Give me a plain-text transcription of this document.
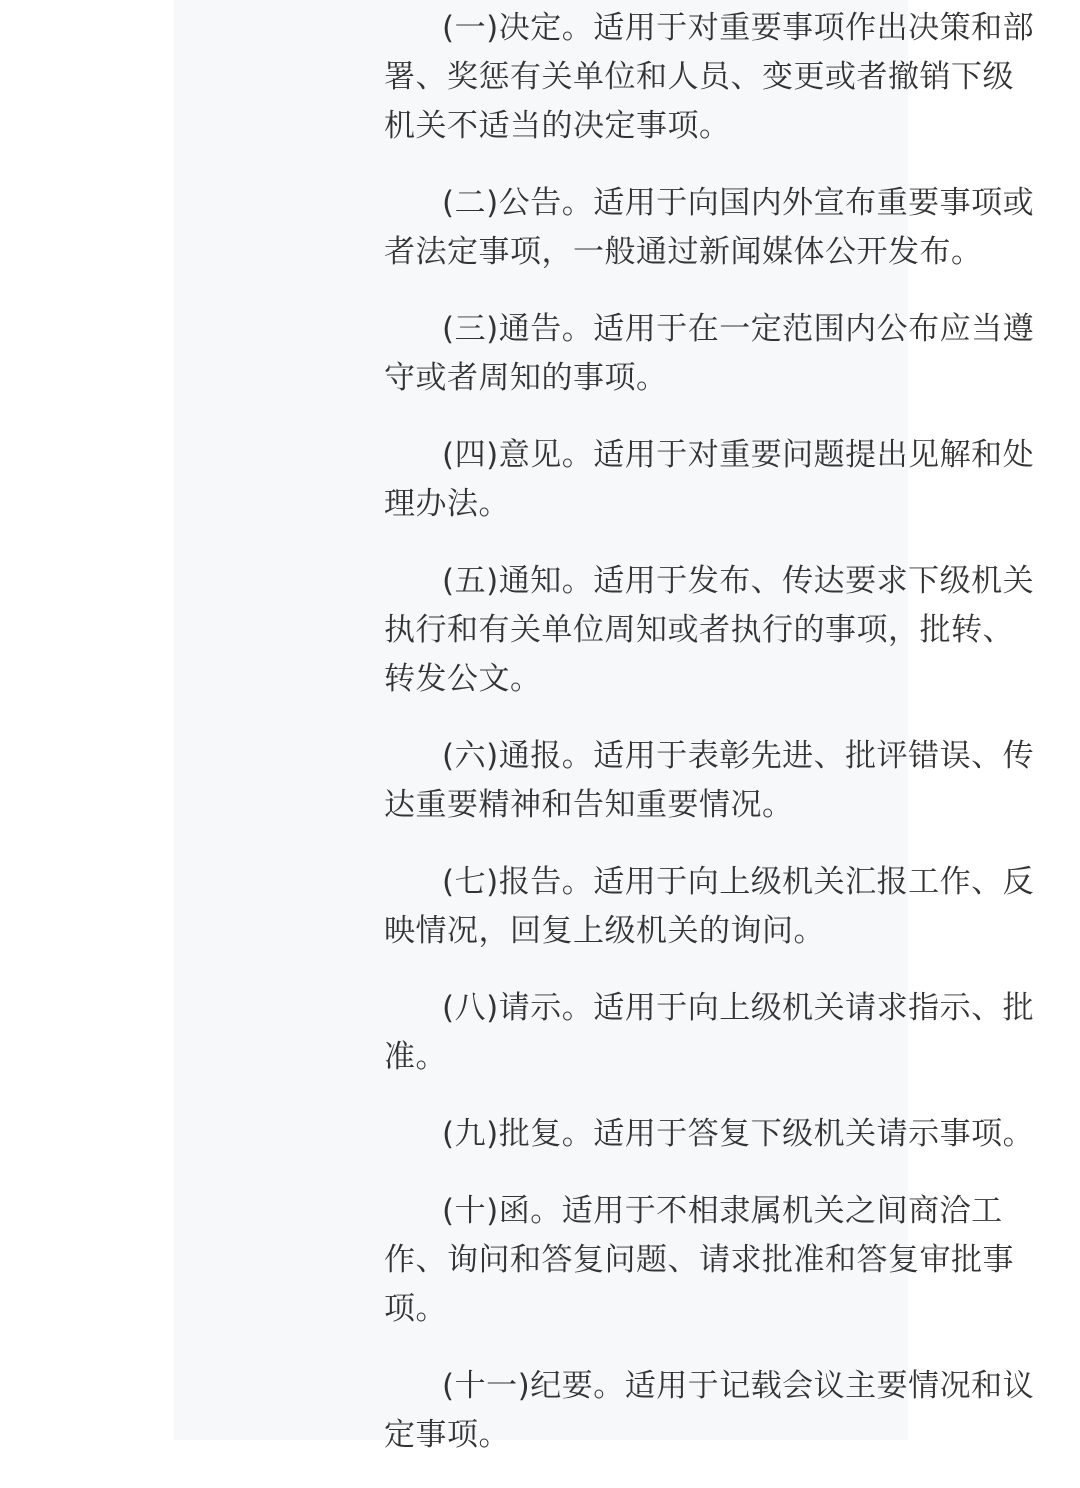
(一)决定。适用于对重要事项作出决策和部
署、奖惩有关单位和人员、变更或者撤销下级
机关不适当的决定事项。

(二)公告。适用于向国内外宣布重要事项或
者法定事项，一般通过新闻媒体公开发布。

(三)通告。适用于在一定范围内公布应当遵
守或者周知的事项。

(四)意见。适用于对重要问题提出见解和处
理办法。

(五)通知。适用于发布、传达要求下级机关
执行和有关单位周知或者执行的事项，批转、
转发公文。

(六)通报。适用于表彰先进、批评错误、传
达重要精神和告知重要情况。

(七)报告。适用于向上级机关汇报工作、反
映情况，回复上级机关的询问。

(八)请示。适用于向上级机关请求指示、批
准。

(九)批复。适用于答复下级机关请示事项。

(十)函。适用于不相隶属机关之间商洽工
作、询问和答复问题、请求批准和答复审批事
项。

(十一)纪要。适用于记载会议主要情况和议
定事项。
